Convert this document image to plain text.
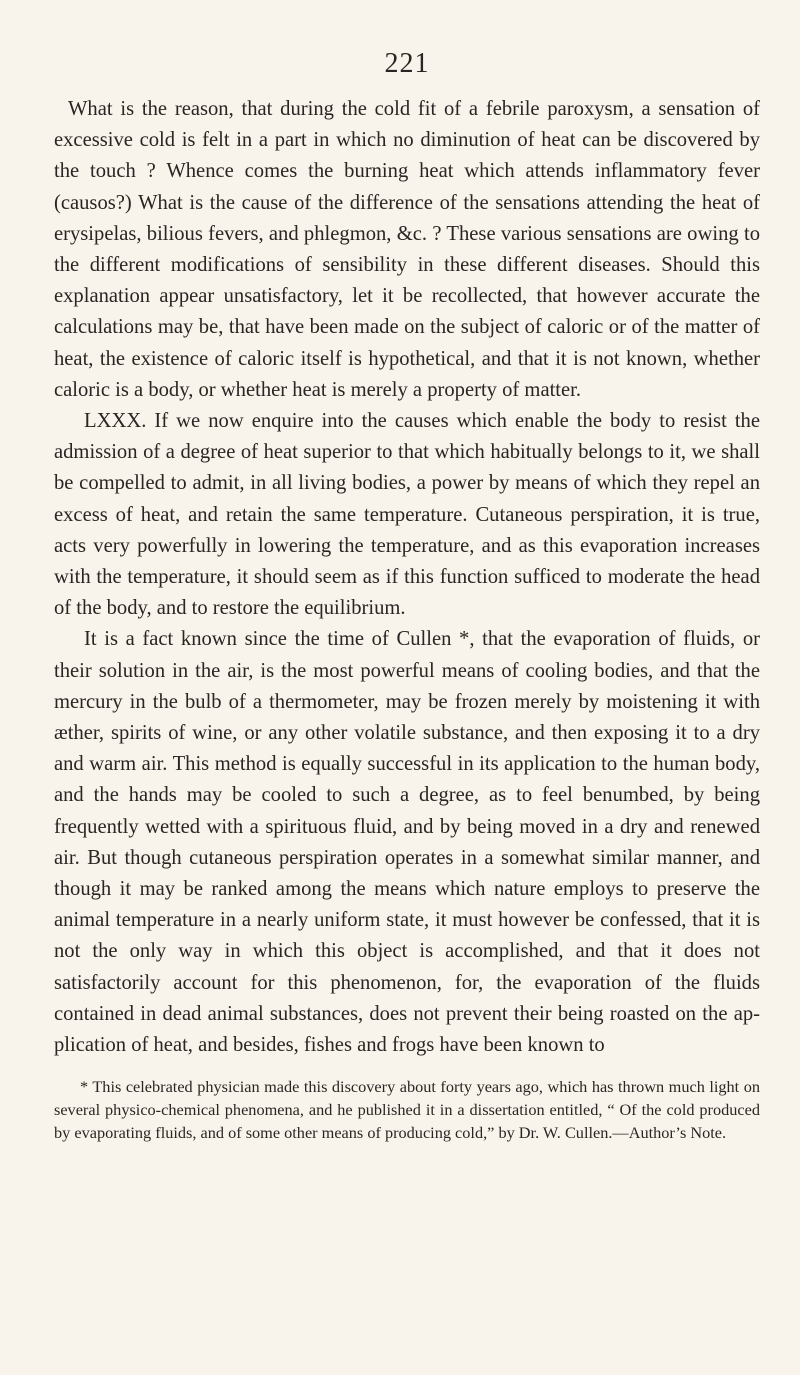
221

What is the reason, that during the cold fit of a febrile paroxysm, a sensation of excessive cold is felt in a part in which no diminution of heat can be discovered by the touch ? Whence comes the burning heat which attends inflammatory fever (causos?) What is the cause of the difference of the sensations attending the heat of erysipelas, bilious fevers, and phlegmon, &c. ? These various sensations are owing to the different modifications of sensibility in these different diseases. Should this explanation appear unsatisfactory, let it be recollected, that however accurate the calculations may be, that have been made on the subject of caloric or of the matter of heat, the existence of caloric itself is hypothetical, and that it is not known, whether caloric is a body, or whether heat is merely a property of matter.

LXXX. If we now enquire into the causes which enable the body to resist the admission of a degree of heat superior to that which habitually belongs to it, we shall be compelled to admit, in all living bodies, a power by means of which they repel an excess of heat, and retain the same temperature. Cutaneous perspiration, it is true, acts very powerfully in lowering the temperature, and as this evaporation increases with the temperature, it should seem as if this function sufficed to moderate the head of the body, and to restore the equilibrium.

It is a fact known since the time of Cullen *, that the evaporation of fluids, or their solution in the air, is the most powerful means of cooling bodies, and that the mercury in the bulb of a thermometer, may be frozen merely by moistening it with æther, spirits of wine, or any other volatile substance, and then exposing it to a dry and warm air. This method is equally successful in its application to the human body, and the hands may be cooled to such a degree, as to feel benumbed, by being frequently wetted with a spirituous fluid, and by being moved in a dry and renewed air. But though cutaneous perspiration operates in a somewhat similar manner, and though it may be ranked among the means which nature employs to preserve the animal temperature in a nearly uniform state, it must however be confessed, that it is not the only way in which this object is accomplished, and that it does not satisfactorily account for this phenomenon, for, the evaporation of the fluids contained in dead animal substances, does not prevent their being roasted on the application of heat, and besides, fishes and frogs have been known to

* This celebrated physician made this discovery about forty years ago, which has thrown much light on several physico-chemical phenomena, and he published it in a dissertation entitled, “ Of the cold produced by evaporating fluids, and of some other means of producing cold,” by Dr. W. Cullen.—Author’s Note.
